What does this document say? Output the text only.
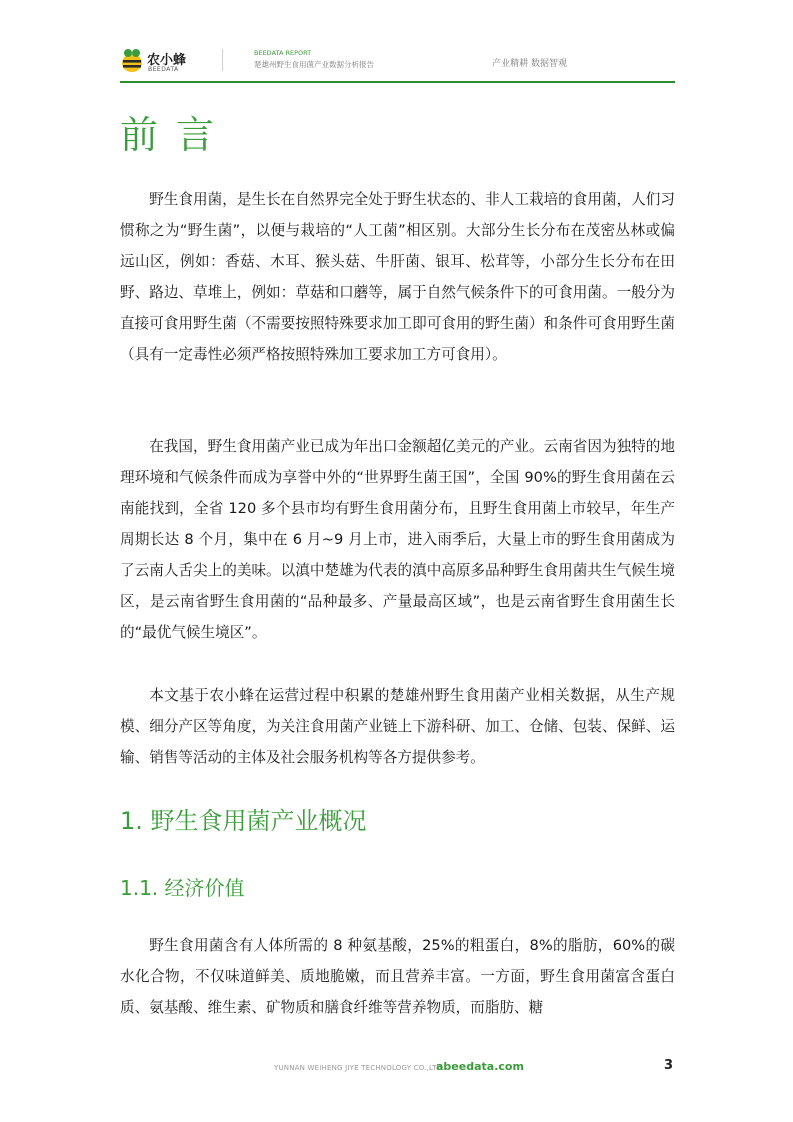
农小蜂
BEEDATA
BEEDATA REPORT
楚雄州野生食用菌产业数据分析报告	产业精耕 数据智观
前言

野生食用菌，是生长在自然界完全处于野生状态的、非人工栽培的食用菌，人们习惯称之为“野生菌”，以便与栽培的“人工菌”相区别。大部分生长分布在茂密丛林或偏远山区，例如：香菇、木耳、猴头菇、牛肝菌、银耳、松茸等，小部分生长分布在田野、路边、草堆上，例如：草菇和口蘑等，属于自然气候条件下的可食用菌。一般分为直接可食用野生菌（不需要按照特殊要求加工即可食用的野生菌）和条件可食用野生菌（具有一定毒性必须严格按照特殊加工要求加工方可食用）。

在我国，野生食用菌产业已成为年出口金额超亿美元的产业。云南省因为独特的地理环境和气候条件而成为享誉中外的“世界野生菌王国”，全国 90%的野生食用菌在云南能找到，全省 120 多个县市均有野生食用菌分布，且野生食用菌上市较早，年生产周期长达 8 个月，集中在 6 月~9 月上市，进入雨季后，大量上市的野生食用菌成为了云南人舌尖上的美味。以滇中楚雄为代表的滇中高原多品种野生食用菌共生气候生境区，是云南省野生食用菌的“品种最多、产量最高区域”，也是云南省野生食用菌生长的“最优气候生境区”。

本文基于农小蜂在运营过程中积累的楚雄州野生食用菌产业相关数据，从生产规模、细分产区等角度，为关注食用菌产业链上下游科研、加工、仓储、包装、保鲜、运输、销售等活动的主体及社会服务机构等各方提供参考。

1. 野生食用菌产业概况
1.1. 经济价值

野生食用菌含有人体所需的 8 种氨基酸，25%的粗蛋白，8%的脂肪，60%的碳水化合物，不仅味道鲜美、质地脆嫩，而且营养丰富。一方面，野生食用菌富含蛋白质、氨基酸、维生素、矿物质和膳食纤维等营养物质，而脂肪、糖

YUNNAN WEIHENG JIYE TECHNOLOGY CO.,LTD.
abeedata.com	3
